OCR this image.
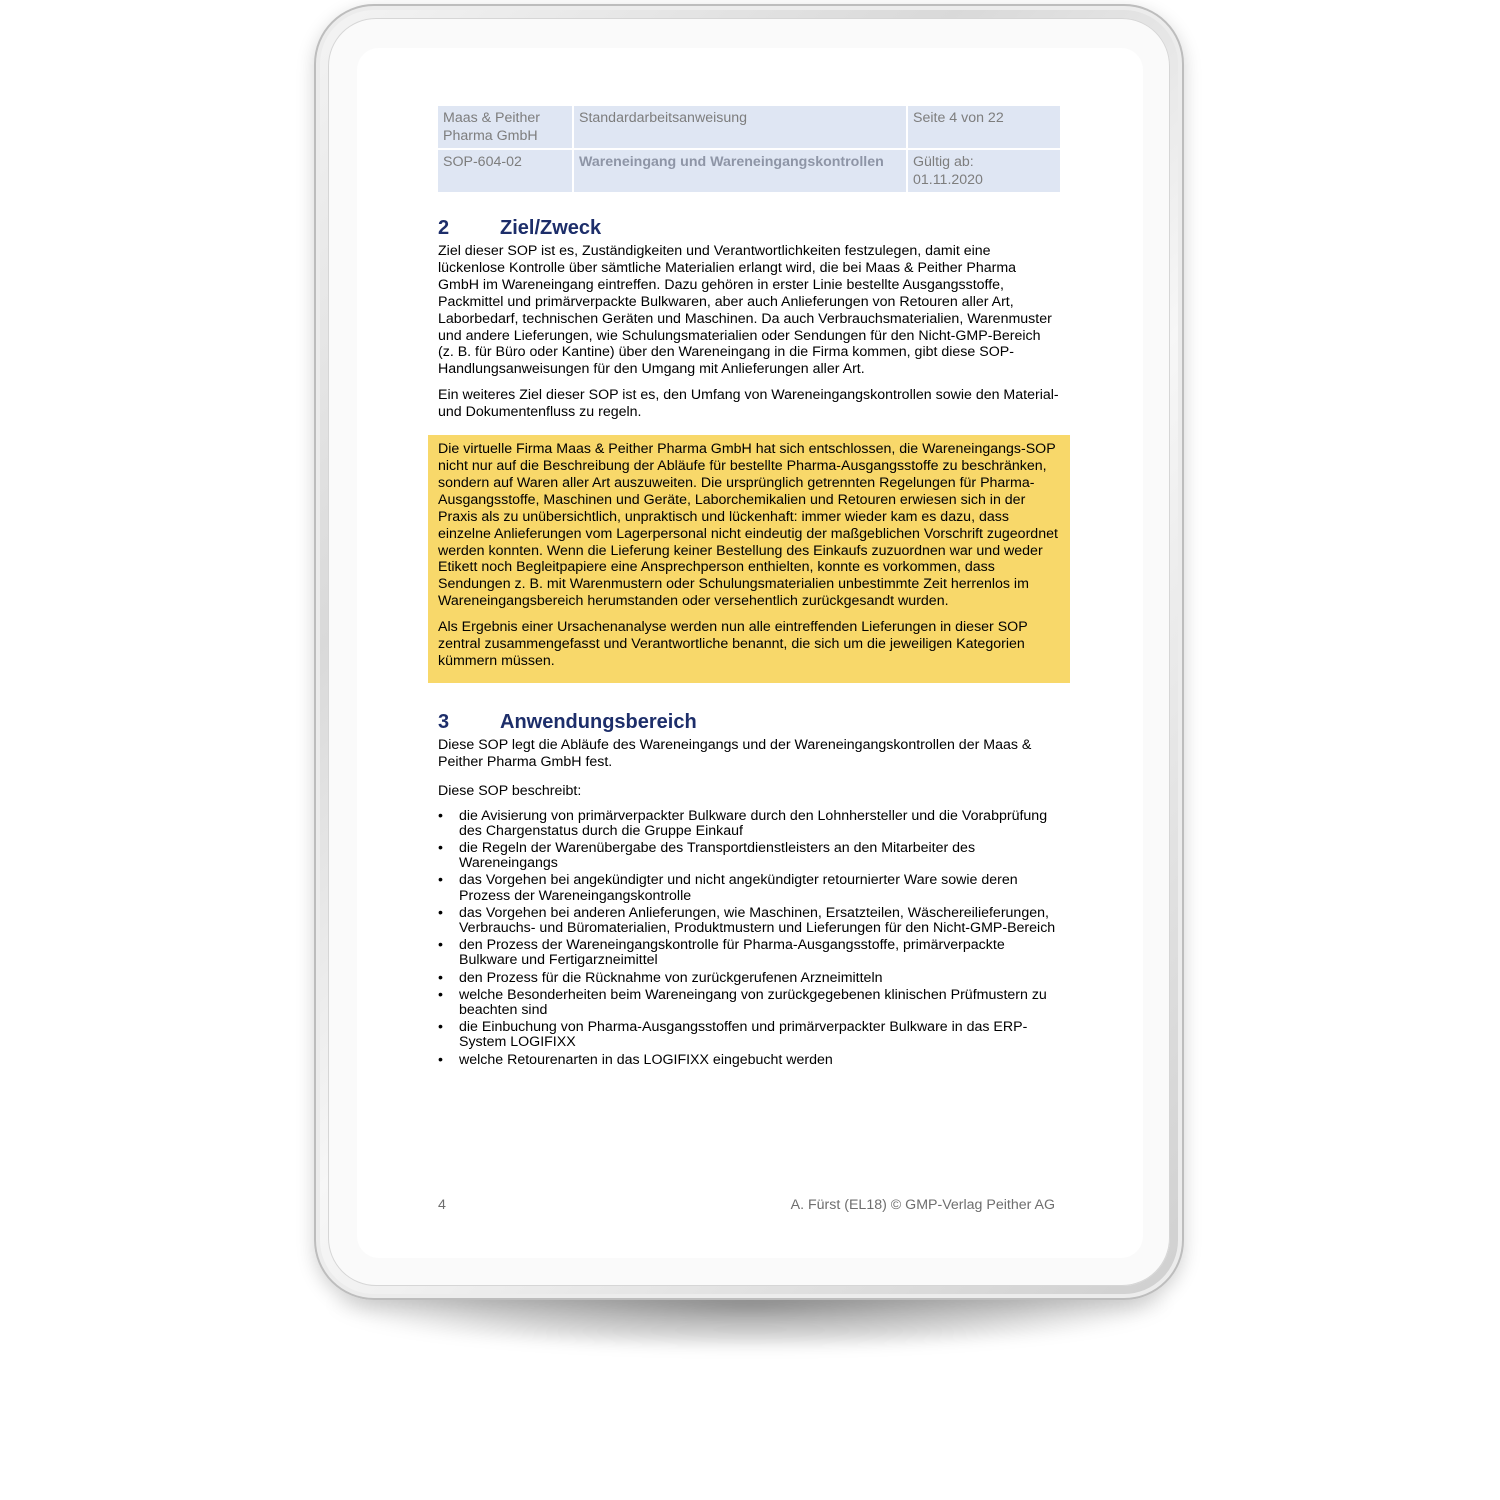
Maas & Peither Pharma GmbH	Standardarbeitsanweisung	Seite 4 von 22
SOP-604-02	Wareneingang und Wareneingangskontrollen	Gültig ab:
01.11.2020
2	Ziel/Zweck

Ziel dieser SOP ist es, Zuständigkeiten und Verantwortlichkeiten festzulegen, damit eine lückenlose Kontrolle über sämtliche Materialien erlangt wird, die bei Maas & Peither Pharma GmbH im Wareneingang eintreffen. Dazu gehören in erster Linie bestellte Ausgangsstoffe, Packmittel und primärverpackte Bulkwaren, aber auch Anlieferungen von Retouren aller Art, Laborbedarf, technischen Geräten und Maschinen. Da auch Verbrauchsmaterialien, Warenmuster und andere Lieferungen, wie Schulungsmaterialien oder Sendungen für den Nicht-GMP-Bereich (z. B. für Büro oder Kantine) über den Wareneingang in die Firma kommen, gibt diese SOP-Handlungsanweisungen für den Umgang mit Anlieferungen aller Art.

Ein weiteres Ziel dieser SOP ist es, den Umfang von Wareneingangskontrollen sowie den Material- und Dokumentenfluss zu regeln.

Die virtuelle Firma Maas & Peither Pharma GmbH hat sich entschlossen, die Wareneingangs-SOP nicht nur auf die Beschreibung der Abläufe für bestellte Pharma-Ausgangsstoffe zu beschränken, sondern auf Waren aller Art auszuweiten. Die ursprünglich getrennten Regelungen für Pharma-Ausgangsstoffe, Maschinen und Geräte, Laborchemikalien und Retouren erwiesen sich in der Praxis als zu unübersichtlich, unpraktisch und lückenhaft: immer wieder kam es dazu, dass einzelne Anlieferungen vom Lagerpersonal nicht eindeutig der maßgeblichen Vorschrift zugeordnet werden konnten. Wenn die Lieferung keiner Bestellung des Einkaufs zuzuordnen war und weder Etikett noch Begleitpapiere eine Ansprechperson enthielten, konnte es vorkommen, dass Sendungen z. B. mit Warenmustern oder Schulungsmaterialien unbestimmte Zeit herrenlos im Wareneingangsbereich herumstanden oder versehentlich zurückgesandt wurden.

Als Ergebnis einer Ursachenanalyse werden nun alle eintreffenden Lieferungen in dieser SOP zentral zusammengefasst und Verantwortliche benannt, die sich um die jeweiligen Kategorien kümmern müssen.

3	Anwendungsbereich

Diese SOP legt die Abläufe des Wareneingangs und der Wareneingangskontrollen der Maas & Peither Pharma GmbH fest.

Diese SOP beschreibt:

• die Avisierung von primärverpackter Bulkware durch den Lohnhersteller und die Vorabprüfung des Chargenstatus durch die Gruppe Einkauf
• die Regeln der Warenübergabe des Transportdienstleisters an den Mitarbeiter des Wareneingangs
• das Vorgehen bei angekündigter und nicht angekündigter retournierter Ware sowie deren Prozess der Wareneingangskontrolle
• das Vorgehen bei anderen Anlieferungen, wie Maschinen, Ersatzteilen, Wäschereilieferungen, Verbrauchs- und Büromaterialien, Produktmustern und Lieferungen für den Nicht-GMP-Bereich
• den Prozess der Wareneingangskontrolle für Pharma-Ausgangsstoffe, primärverpackte Bulkware und Fertigarzneimittel
• den Prozess für die Rücknahme von zurückgerufenen Arzneimitteln
• welche Besonderheiten beim Wareneingang von zurückgegebenen klinischen Prüfmustern zu beachten sind
• die Einbuchung von Pharma-Ausgangsstoffen und primärverpackter Bulkware in das ERP-System LOGIFIXX
• welche Retourenarten in das LOGIFIXX eingebucht werden
4	A. Fürst (EL18) © GMP-Verlag Peither AG
